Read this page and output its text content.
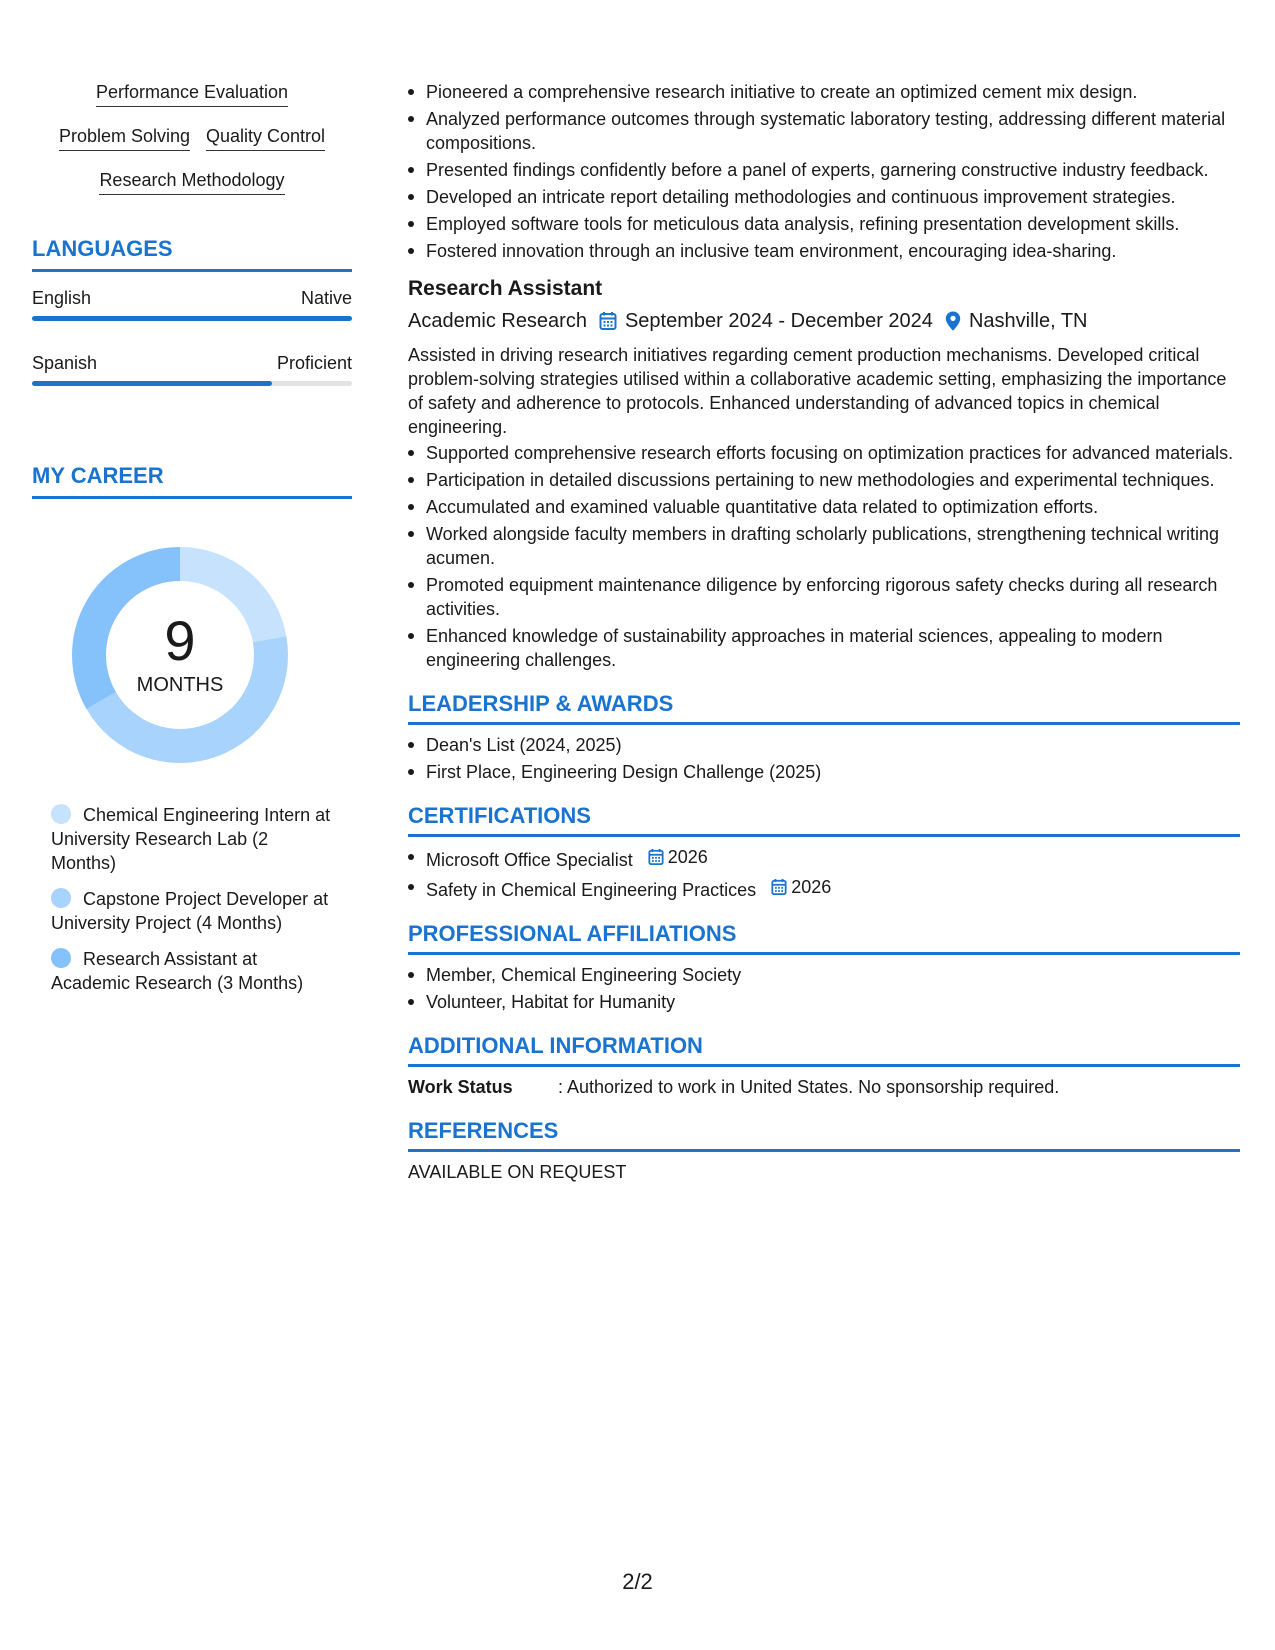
Performance Evaluation
Problem Solving Quality Control
Research Methodology
LANGUAGES
English	Native
Spanish	Proficient
MY CAREER
9
MONTHS
Chemical Engineering Intern at University Research Lab (2 Months)
Capstone Project Developer at University Project (4 Months)
Research Assistant at Academic Research (3 Months)
Pioneered a comprehensive research initiative to create an optimized cement mix design.
Analyzed performance outcomes through systematic laboratory testing, addressing different material compositions.
Presented findings confidently before a panel of experts, garnering constructive industry feedback.
Developed an intricate report detailing methodologies and continuous improvement strategies.
Employed software tools for meticulous data analysis, refining presentation development skills.
Fostered innovation through an inclusive team environment, encouraging idea-sharing.
Research Assistant
Academic Research September 2024 - December 2024 Nashville, TN
Assisted in driving research initiatives regarding cement production mechanisms. Developed critical problem-solving strategies utilised within a collaborative academic setting, emphasizing the importance of safety and adherence to protocols. Enhanced understanding of advanced topics in chemical engineering.
Supported comprehensive research efforts focusing on optimization practices for advanced materials.
Participation in detailed discussions pertaining to new methodologies and experimental techniques.
Accumulated and examined valuable quantitative data related to optimization efforts.
Worked alongside faculty members in drafting scholarly publications, strengthening technical writing acumen.
Promoted equipment maintenance diligence by enforcing rigorous safety checks during all research activities.
Enhanced knowledge of sustainability approaches in material sciences, appealing to modern engineering challenges.
LEADERSHIP & AWARDS
Dean's List (2024, 2025)
First Place, Engineering Design Challenge (2025)
CERTIFICATIONS
Microsoft Office Specialist 2026
Safety in Chemical Engineering Practices 2026
PROFESSIONAL AFFILIATIONS
Member, Chemical Engineering Society
Volunteer, Habitat for Humanity
ADDITIONAL INFORMATION
Work Status	: Authorized to work in United States. No sponsorship required.
REFERENCES
AVAILABLE ON REQUEST
2/2
